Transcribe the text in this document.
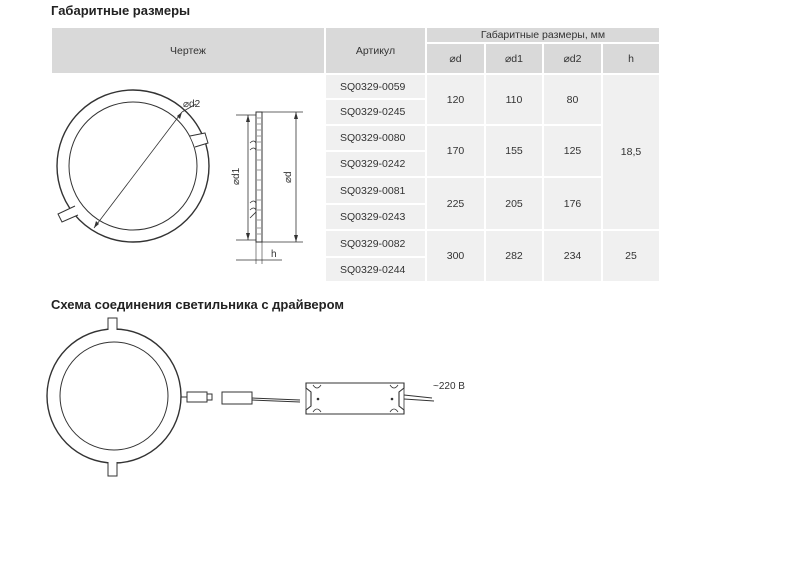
Габаритные размеры
Чертеж	Артикул	Габаритные размеры, мм			
		⌀d	⌀d1	⌀d2	h
	SQ0329-0059	120	110	80	18,5
	SQ0329-0245				
	SQ0329-0080	170	155	125	
	SQ0329-0242				
	SQ0329-0081	225	205	176	
	SQ0329-0243				
	SQ0329-0082	300	282	234	25
	SQ0329-0244				
⌀d2
⌀d1	⌀d
h
Схема соединения светильника с драйвером
~220 В
